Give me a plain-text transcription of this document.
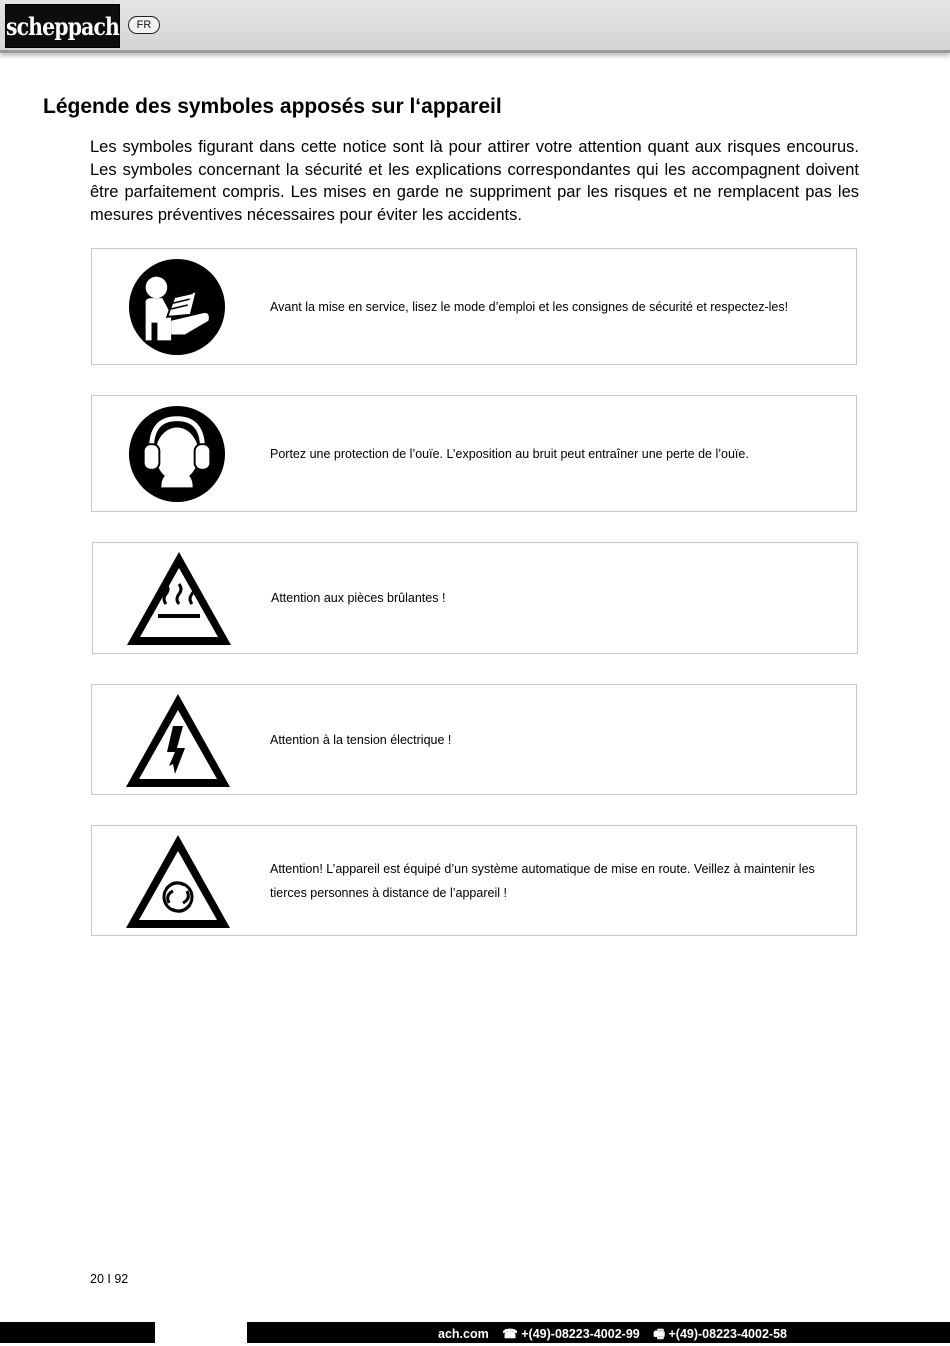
scheppach	FR
Légende des symboles apposés sur l‘appareil

Les symboles figurant dans cette notice sont là pour attirer votre attention quant aux risques encourus. Les symboles concernant la sécurité et les explications correspondantes qui les accompagnent doivent être parfaitement compris. Les mises en garde ne suppriment par les risques et ne remplacent pas les mesures préventives nécessaires pour éviter les accidents.

Avant la mise en service, lisez le mode d’emploi et les consignes de sécurité et respectez-les!
Portez une protection de l’ouïe. L’exposition au bruit peut entraîner une perte de l’ouïe.
Attention aux pièces brûlantes !
Attention à la tension électrique !
Attention! L’appareil est équipé d’un système automatique de mise en route. Veillez à maintenir les tierces personnes à distance de l’appareil !
20 I 92
ach.com ☎ +(49)-08223-4002-99 🖷 +(49)-08223-4002-58
